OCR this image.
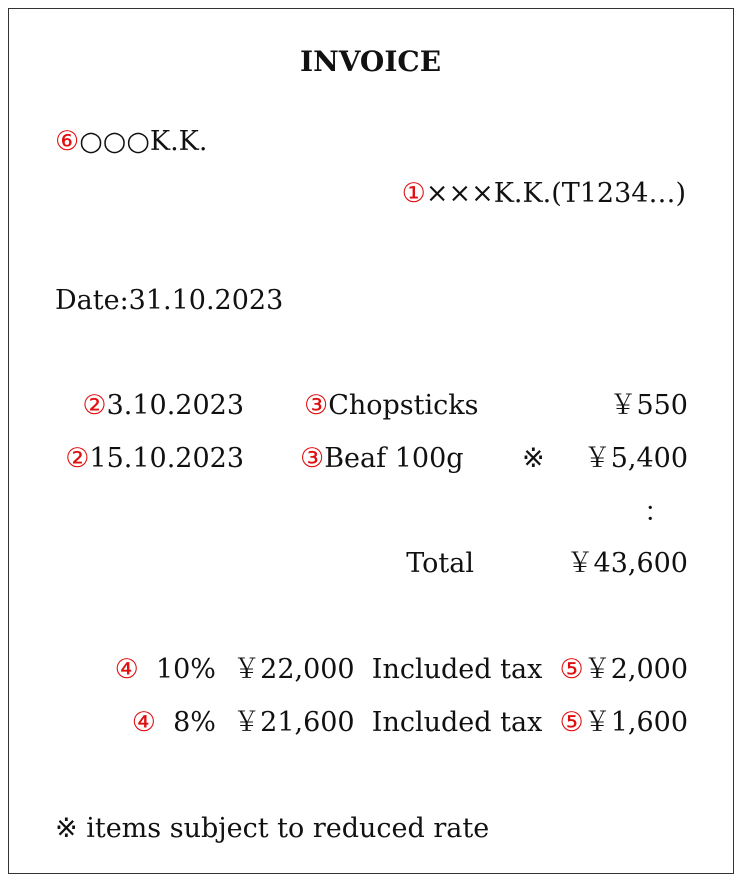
INVOICE
⑥○○○K.K.
①×××K.K.(T1234…)
Date:31.10.2023
②3.10.2023 ③Chopsticks	￥550
②15.10.2023 ③Beaf 100g ※ ￥5,400
：
Total	￥43,600
④ 10% ￥22,000 Included tax ⑤￥2,000
④ 8% ￥21,600 Included tax ⑤￥1,600
※ items subject to reduced rate
